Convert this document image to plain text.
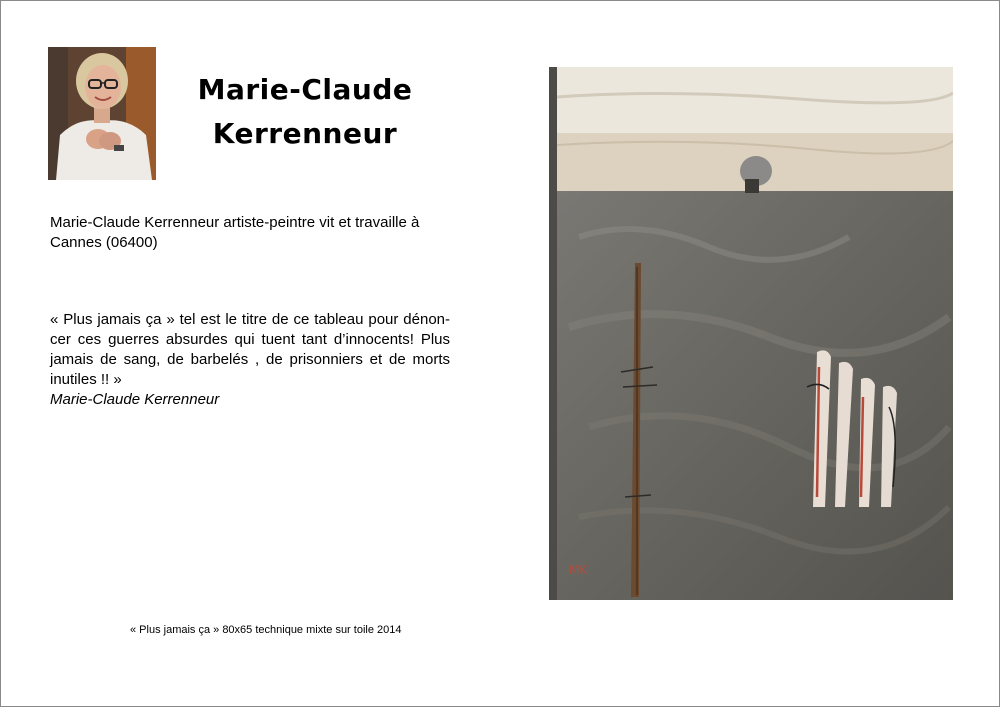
Marie-Claude
Kerrenneur
Marie-Claude Kerrenneur artiste-peintre vit et travaille à Cannes (06400)
« Plus jamais ça » tel est le titre de ce tableau pour dénon-cer ces guerres absurdes qui tuent tant d’innocents! Plus jamais de sang, de barbelés , de prisonniers et de morts inutiles !! »
Marie-Claude Kerrenneur
« Plus jamais ça » 80x65 technique mixte sur toile 2014
MK
